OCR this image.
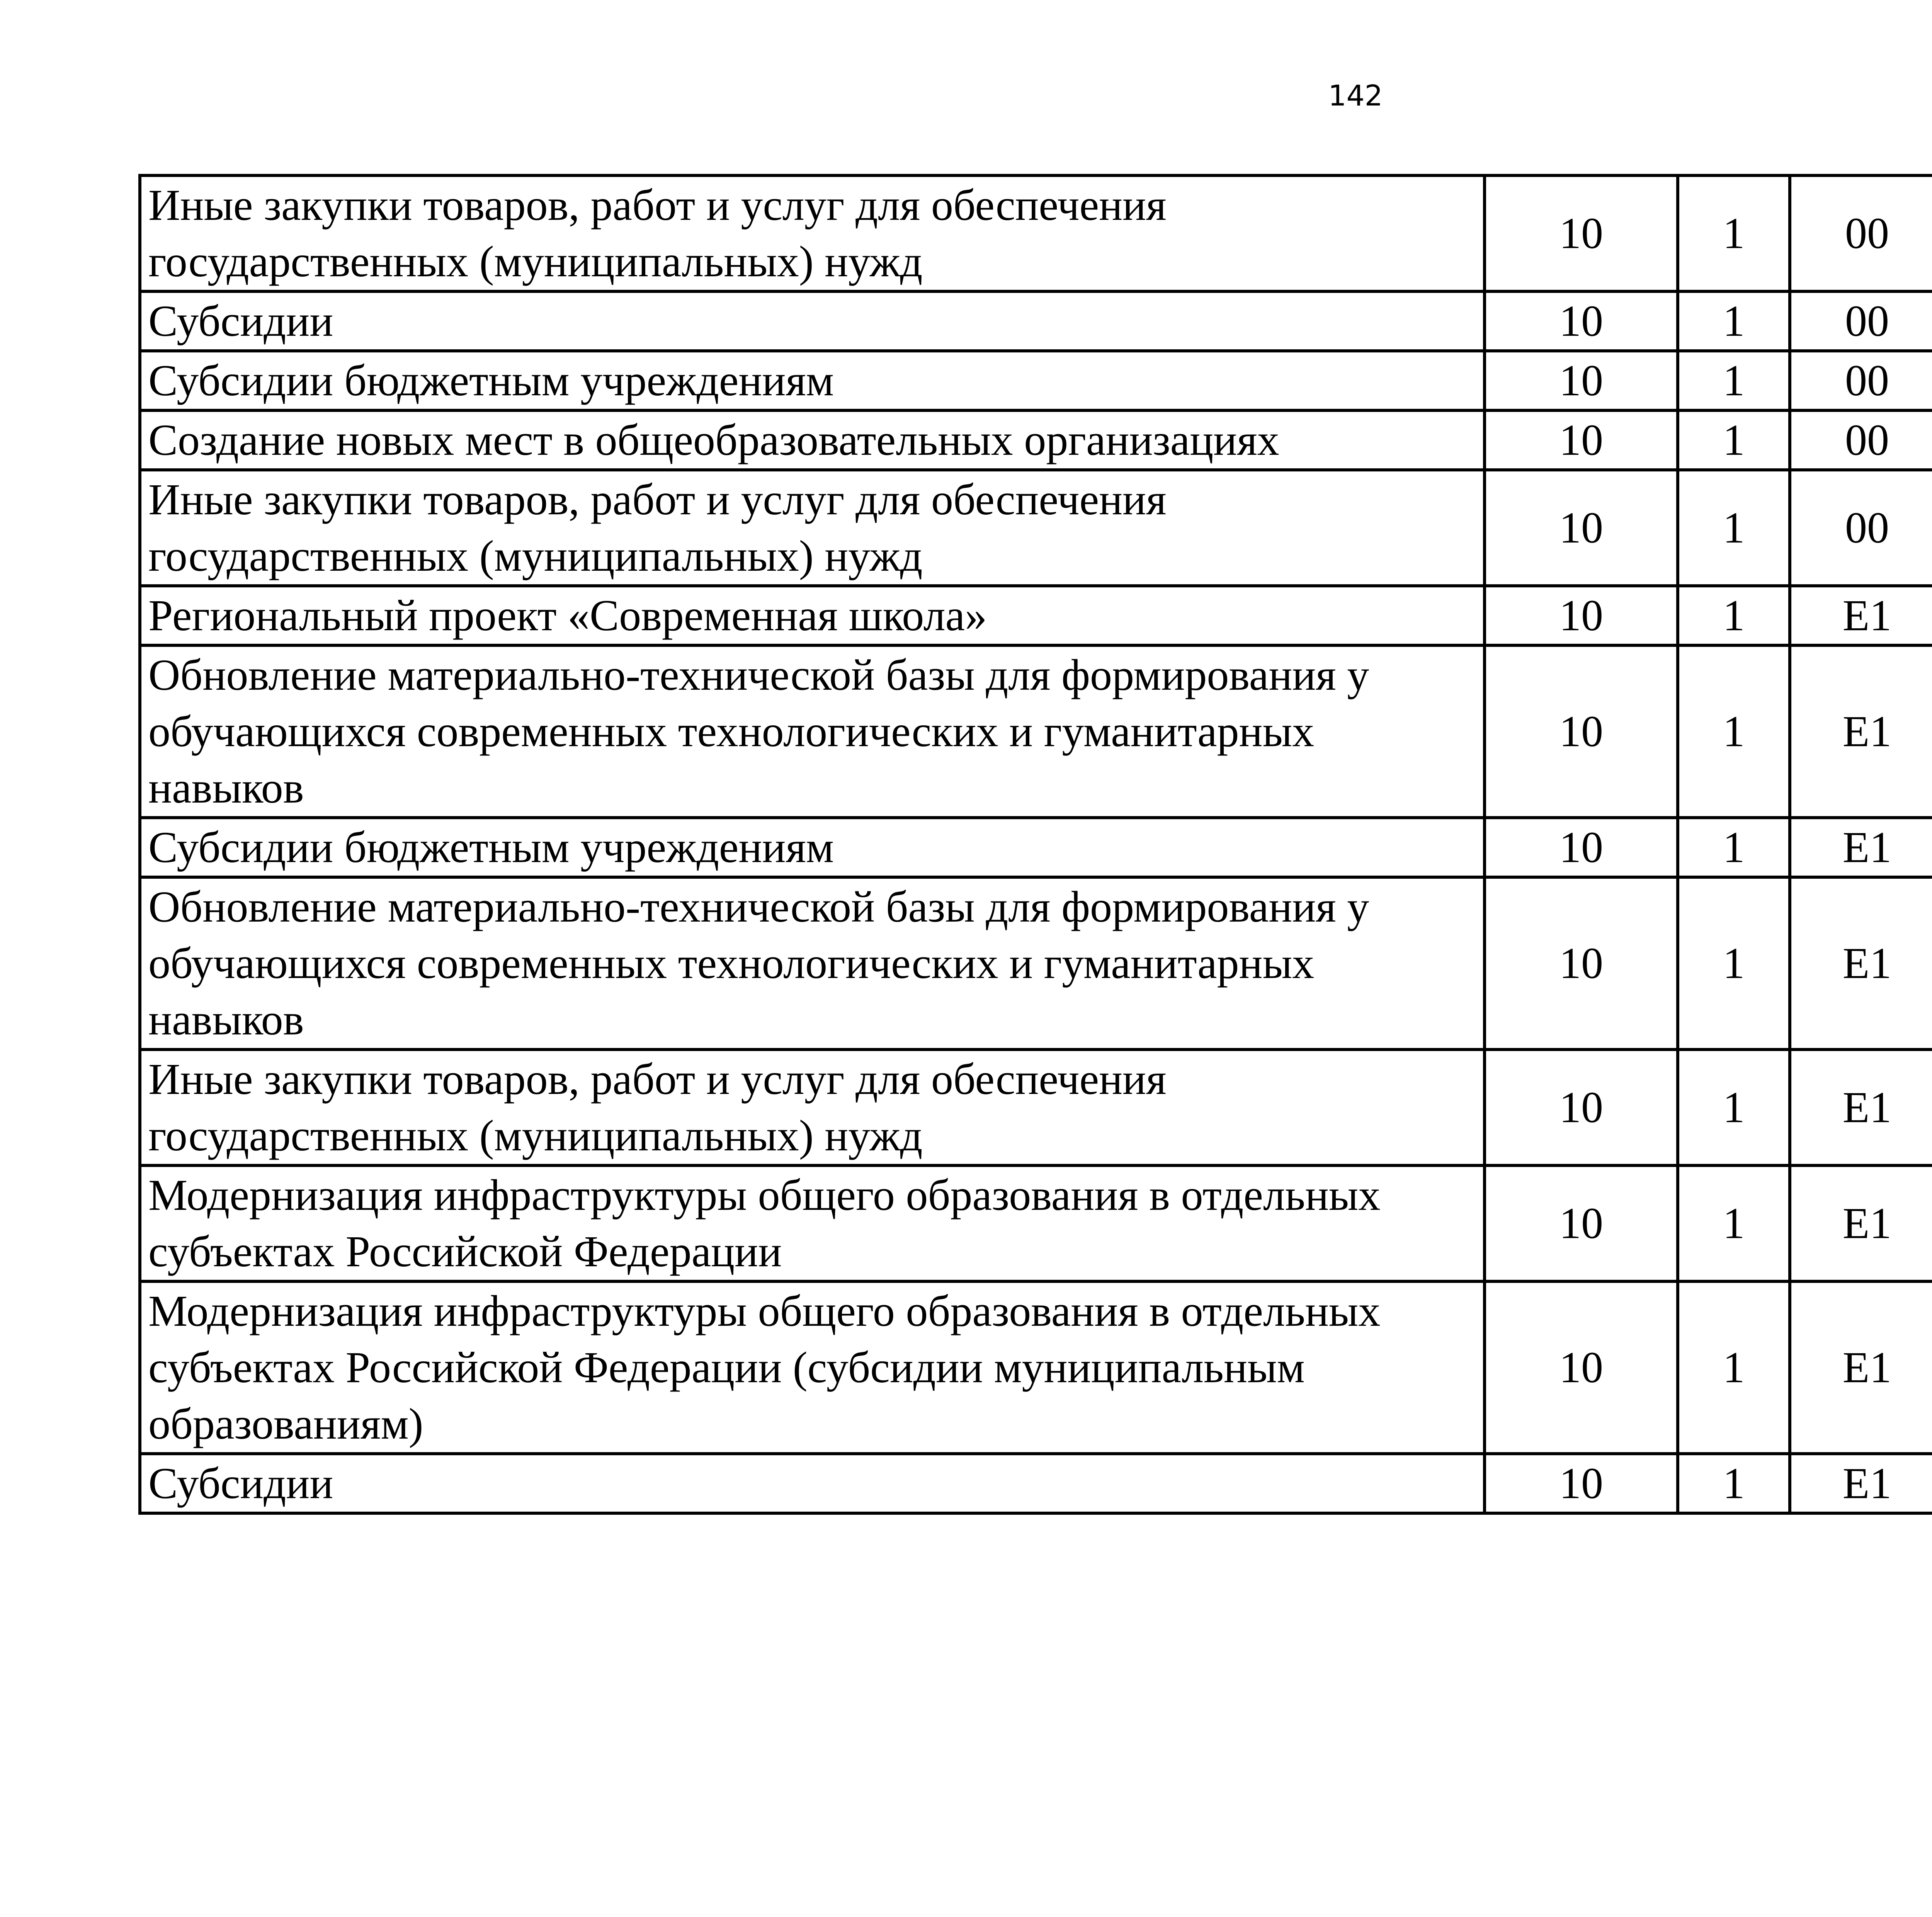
142
Иные закупки товаров, работ и услуг для обеспечения государственных (муниципальных) нужд	10	1	00			
Субсидии	10	1	00			
Субсидии бюджетным учреждениям	10	1	00			
Создание новых мест в общеобразовательных организациях	10	1	00			
Иные закупки товаров, работ и услуг для обеспечения государственных (муниципальных) нужд	10	1	00			
Региональный проект «Современная школа»	10	1	E1			
Обновление материально-технической базы для формирования у обучающихся современных технологических и гуманитарных навыков	10	1	E1			
Субсидии бюджетным учреждениям	10	1	E1			
Обновление материально-технической базы для формирования у обучающихся современных технологических и гуманитарных навыков	10	1	E1			
Иные закупки товаров, работ и услуг для обеспечения государственных (муниципальных) нужд	10	1	E1			
Модернизация инфраструктуры общего образования в отдельных субъектах Российской Федерации	10	1	E1			
Модернизация инфраструктуры общего образования в отдельных субъектах Российской Федерации (субсидии муниципальным образованиям)	10	1	E1			
Субсидии	10	1	E1			
